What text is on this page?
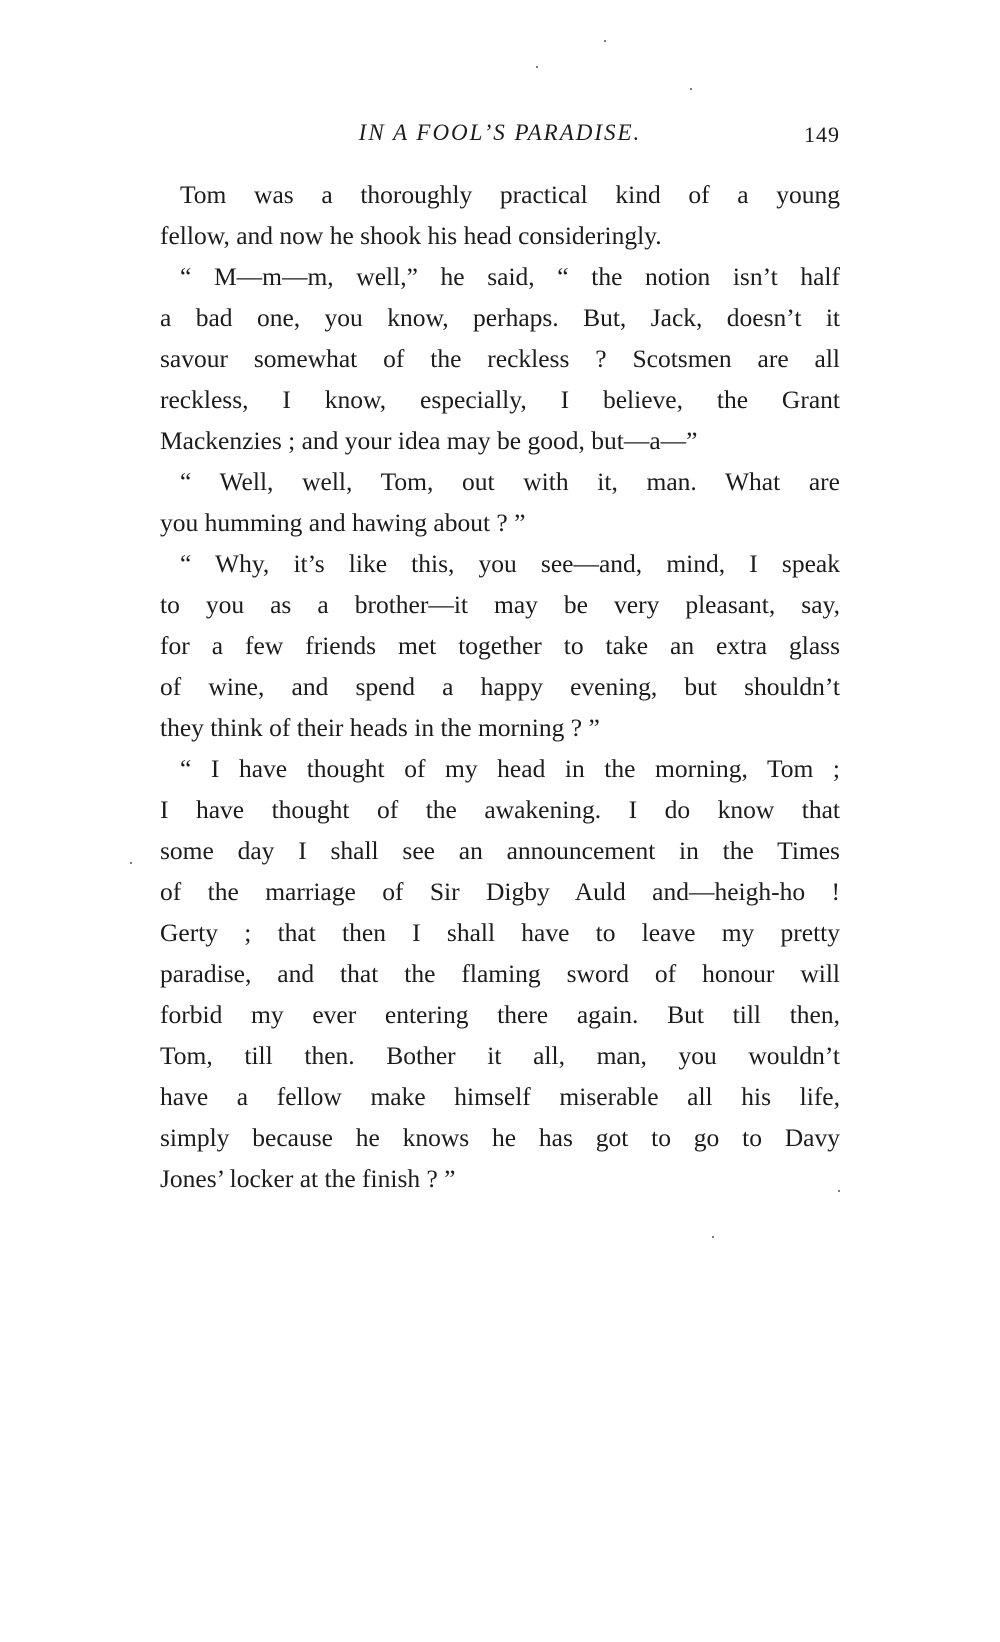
IN A FOOL’S PARADISE.	149
Tom was a thoroughly practical kind of a young
fellow, and now he shook his head consideringly.
“ M—m—m, well,” he said, “ the notion isn’t half
a bad one, you know, perhaps. But, Jack, doesn’t it
savour somewhat of the reckless ? Scotsmen are all
reckless, I know, especially, I believe, the Grant
Mackenzies ; and your idea may be good, but—a—”
“ Well, well, Tom, out with it, man. What are
you humming and hawing about ? ”
“ Why, it’s like this, you see—and, mind, I speak
to you as a brother—it may be very pleasant, say,
for a few friends met together to take an extra glass
of wine, and spend a happy evening, but shouldn’t
they think of their heads in the morning ? ”
“ I have thought of my head in the morning, Tom ;
I have thought of the awakening. I do know that
some day I shall see an announcement in the Times
of the marriage of Sir Digby Auld and—heigh-ho !
Gerty ; that then I shall have to leave my pretty
paradise, and that the flaming sword of honour will
forbid my ever entering there again. But till then,
Tom, till then. Bother it all, man, you wouldn’t
have a fellow make himself miserable all his life,
simply because he knows he has got to go to Davy
Jones’ locker at the finish ? ”
